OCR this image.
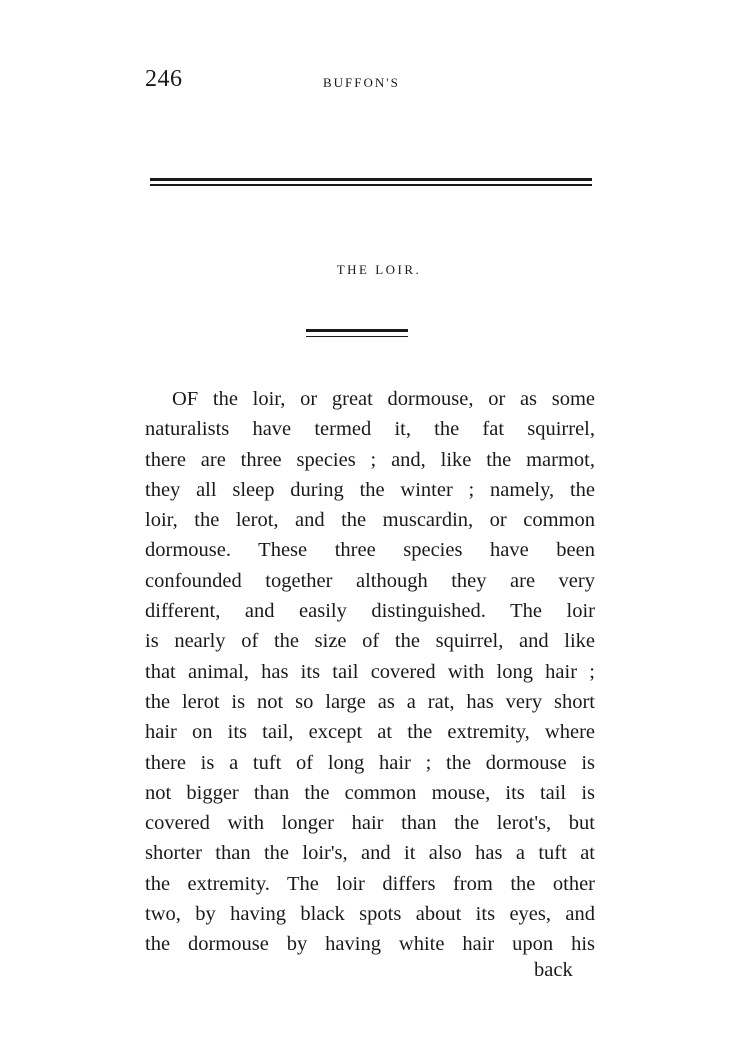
246	BUFFON'S
THE LOIR.
OF the loir, or great dormouse, or as some
naturalists have termed it, the fat squirrel,
there are three species ; and, like the marmot,
they all sleep during the winter ; namely, the
loir, the lerot, and the muscardin, or common
dormouse. These three species have been
confounded together although they are very
different, and easily distinguished. The loir
is nearly of the size of the squirrel, and like
that animal, has its tail covered with long hair ;
the lerot is not so large as a rat, has very short
hair on its tail, except at the extremity, where
there is a tuft of long hair ; the dormouse is
not bigger than the common mouse, its tail is
covered with longer hair than the lerot's, but
shorter than the loir's, and it also has a tuft at
the extremity. The loir differs from the other
two, by having black spots about its eyes, and
the dormouse by having white hair upon his
back
